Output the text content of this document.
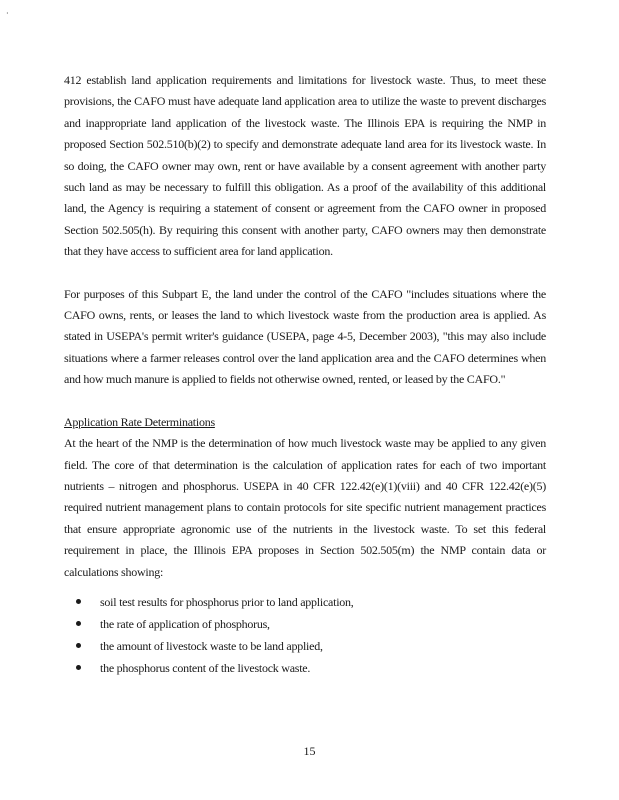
·

412 establish land application requirements and limitations for livestock waste. Thus, to meet these provisions, the CAFO must have adequate land application area to utilize the waste to prevent discharges and inappropriate land application of the livestock waste. The Illinois EPA is requiring the NMP in proposed Section 502.510(b)(2) to specify and demonstrate adequate land area for its livestock waste. In so doing, the CAFO owner may own, rent or have available by a consent agreement with another party such land as may be necessary to fulfill this obligation. As a proof of the availability of this additional land, the Agency is requiring a statement of consent or agreement from the CAFO owner in proposed Section 502.505(h). By requiring this consent with another party, CAFO owners may then demonstrate that they have access to sufficient area for land application.

For purposes of this Subpart E, the land under the control of the CAFO "includes situations where the CAFO owns, rents, or leases the land to which livestock waste from the production area is applied. As stated in USEPA's permit writer's guidance (USEPA, page 4-5, December 2003), "this may also include situations where a farmer releases control over the land application area and the CAFO determines when and how much manure is applied to fields not otherwise owned, rented, or leased by the CAFO."

Application Rate Determinations

At the heart of the NMP is the determination of how much livestock waste may be applied to any given field. The core of that determination is the calculation of application rates for each of two important nutrients – nitrogen and phosphorus. USEPA in 40 CFR 122.42(e)(1)(viii) and 40 CFR 122.42(e)(5) required nutrient management plans to contain protocols for site specific nutrient management practices that ensure appropriate agronomic use of the nutrients in the livestock waste. To set this federal requirement in place, the Illinois EPA proposes in Section 502.505(m) the NMP contain data or calculations showing:

soil test results for phosphorus prior to land application,
the rate of application of phosphorus,
the amount of livestock waste to be land applied,
the phosphorus content of the livestock waste.
15
